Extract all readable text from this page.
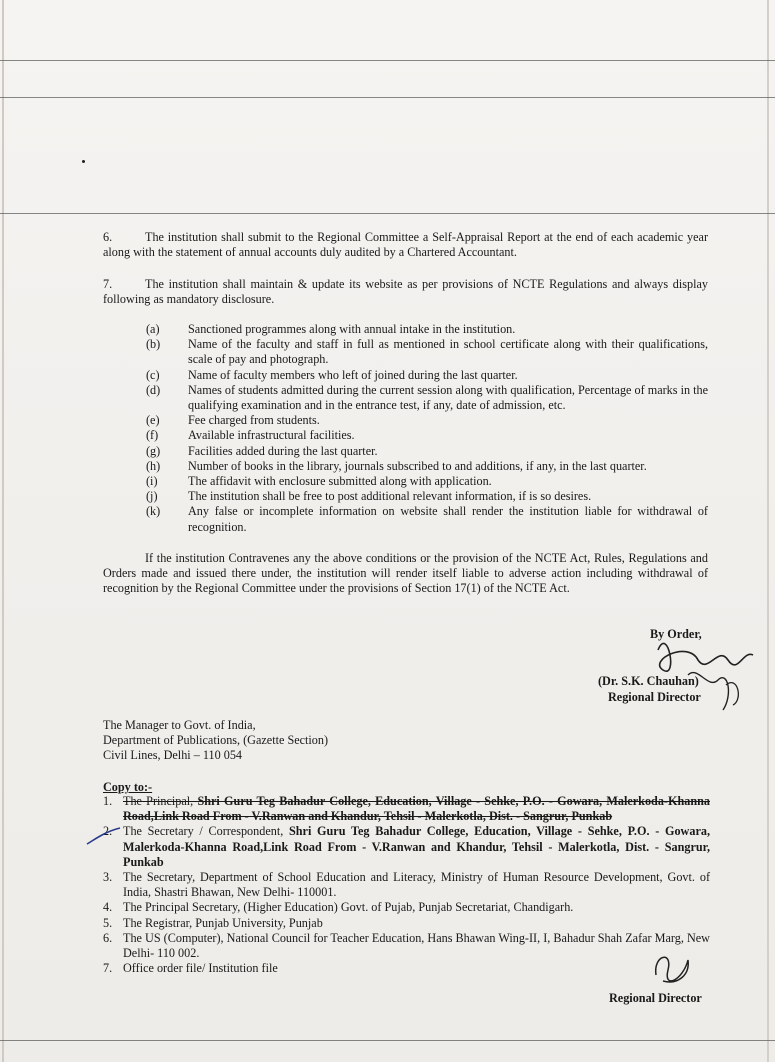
6.	The institution shall submit to the Regional Committee a Self-Appraisal Report at the end of each academic year along with the statement of annual accounts duly audited by a Chartered Accountant.
7.	The institution shall maintain & update its website as per provisions of NCTE Regulations and always display following as mandatory disclosure.
(a)	Sanctioned programmes along with annual intake in the institution.
(b)	Name of the faculty and staff in full as mentioned in school certificate along with their qualifications, scale of pay and photograph.
(c)	Name of faculty members who left of joined during the last quarter.
(d)	Names of students admitted during the current session along with qualification, Percentage of marks in the qualifying examination and in the entrance test, if any, date of admission, etc.
(e)	Fee charged from students.
(f)	Available infrastructural facilities.
(g)	Facilities added during the last quarter.
(h)	Number of books in the library, journals subscribed to and additions, if any, in the last quarter.
(i)	The affidavit with enclosure submitted along with application.
(j)	The institution shall be free to post additional relevant information, if is so desires.
(k)	Any false or incomplete information on website shall render the institution liable for withdrawal of recognition.
If the institution Contravenes any the above conditions or the provision of the NCTE Act, Rules, Regulations and Orders made and issued there under, the institution will render itself liable to adverse action including withdrawal of recognition by the Regional Committee under the provisions of Section 17(1) of the NCTE Act.
By Order,
(Dr. S.K. Chauhan)
Regional Director
The Manager to Govt. of India,
Department of Publications, (Gazette Section)
Civil Lines, Delhi – 110 054
Copy to:-
1. The Principal, Shri Guru Teg Bahadur College, Education, Village - Sehke, P.O. - Gowara, Malerkoda-Khanna Road,Link Road From - V.Ranwan and Khandur, Tehsil - Malerkotla, Dist. - Sangrur, Punkab
2. The Secretary / Correspondent, Shri Guru Teg Bahadur College, Education, Village - Sehke, P.O. - Gowara, Malerkoda-Khanna Road,Link Road From - V.Ranwan and Khandur, Tehsil - Malerkotla, Dist. - Sangrur, Punkab
3. The Secretary, Department of School Education and Literacy, Ministry of Human Resource Development, Govt. of India, Shastri Bhawan, New Delhi- 110001.
4. The Principal Secretary, (Higher Education) Govt. of Pujab, Punjab Secretariat, Chandigarh.
5. The Registrar, Punjab University, Punjab
6. The US (Computer), National Council for Teacher Education, Hans Bhawan Wing-II, I, Bahadur Shah Zafar Marg, New Delhi- 110 002.
7. Office order file/ Institution file
Regional Director
